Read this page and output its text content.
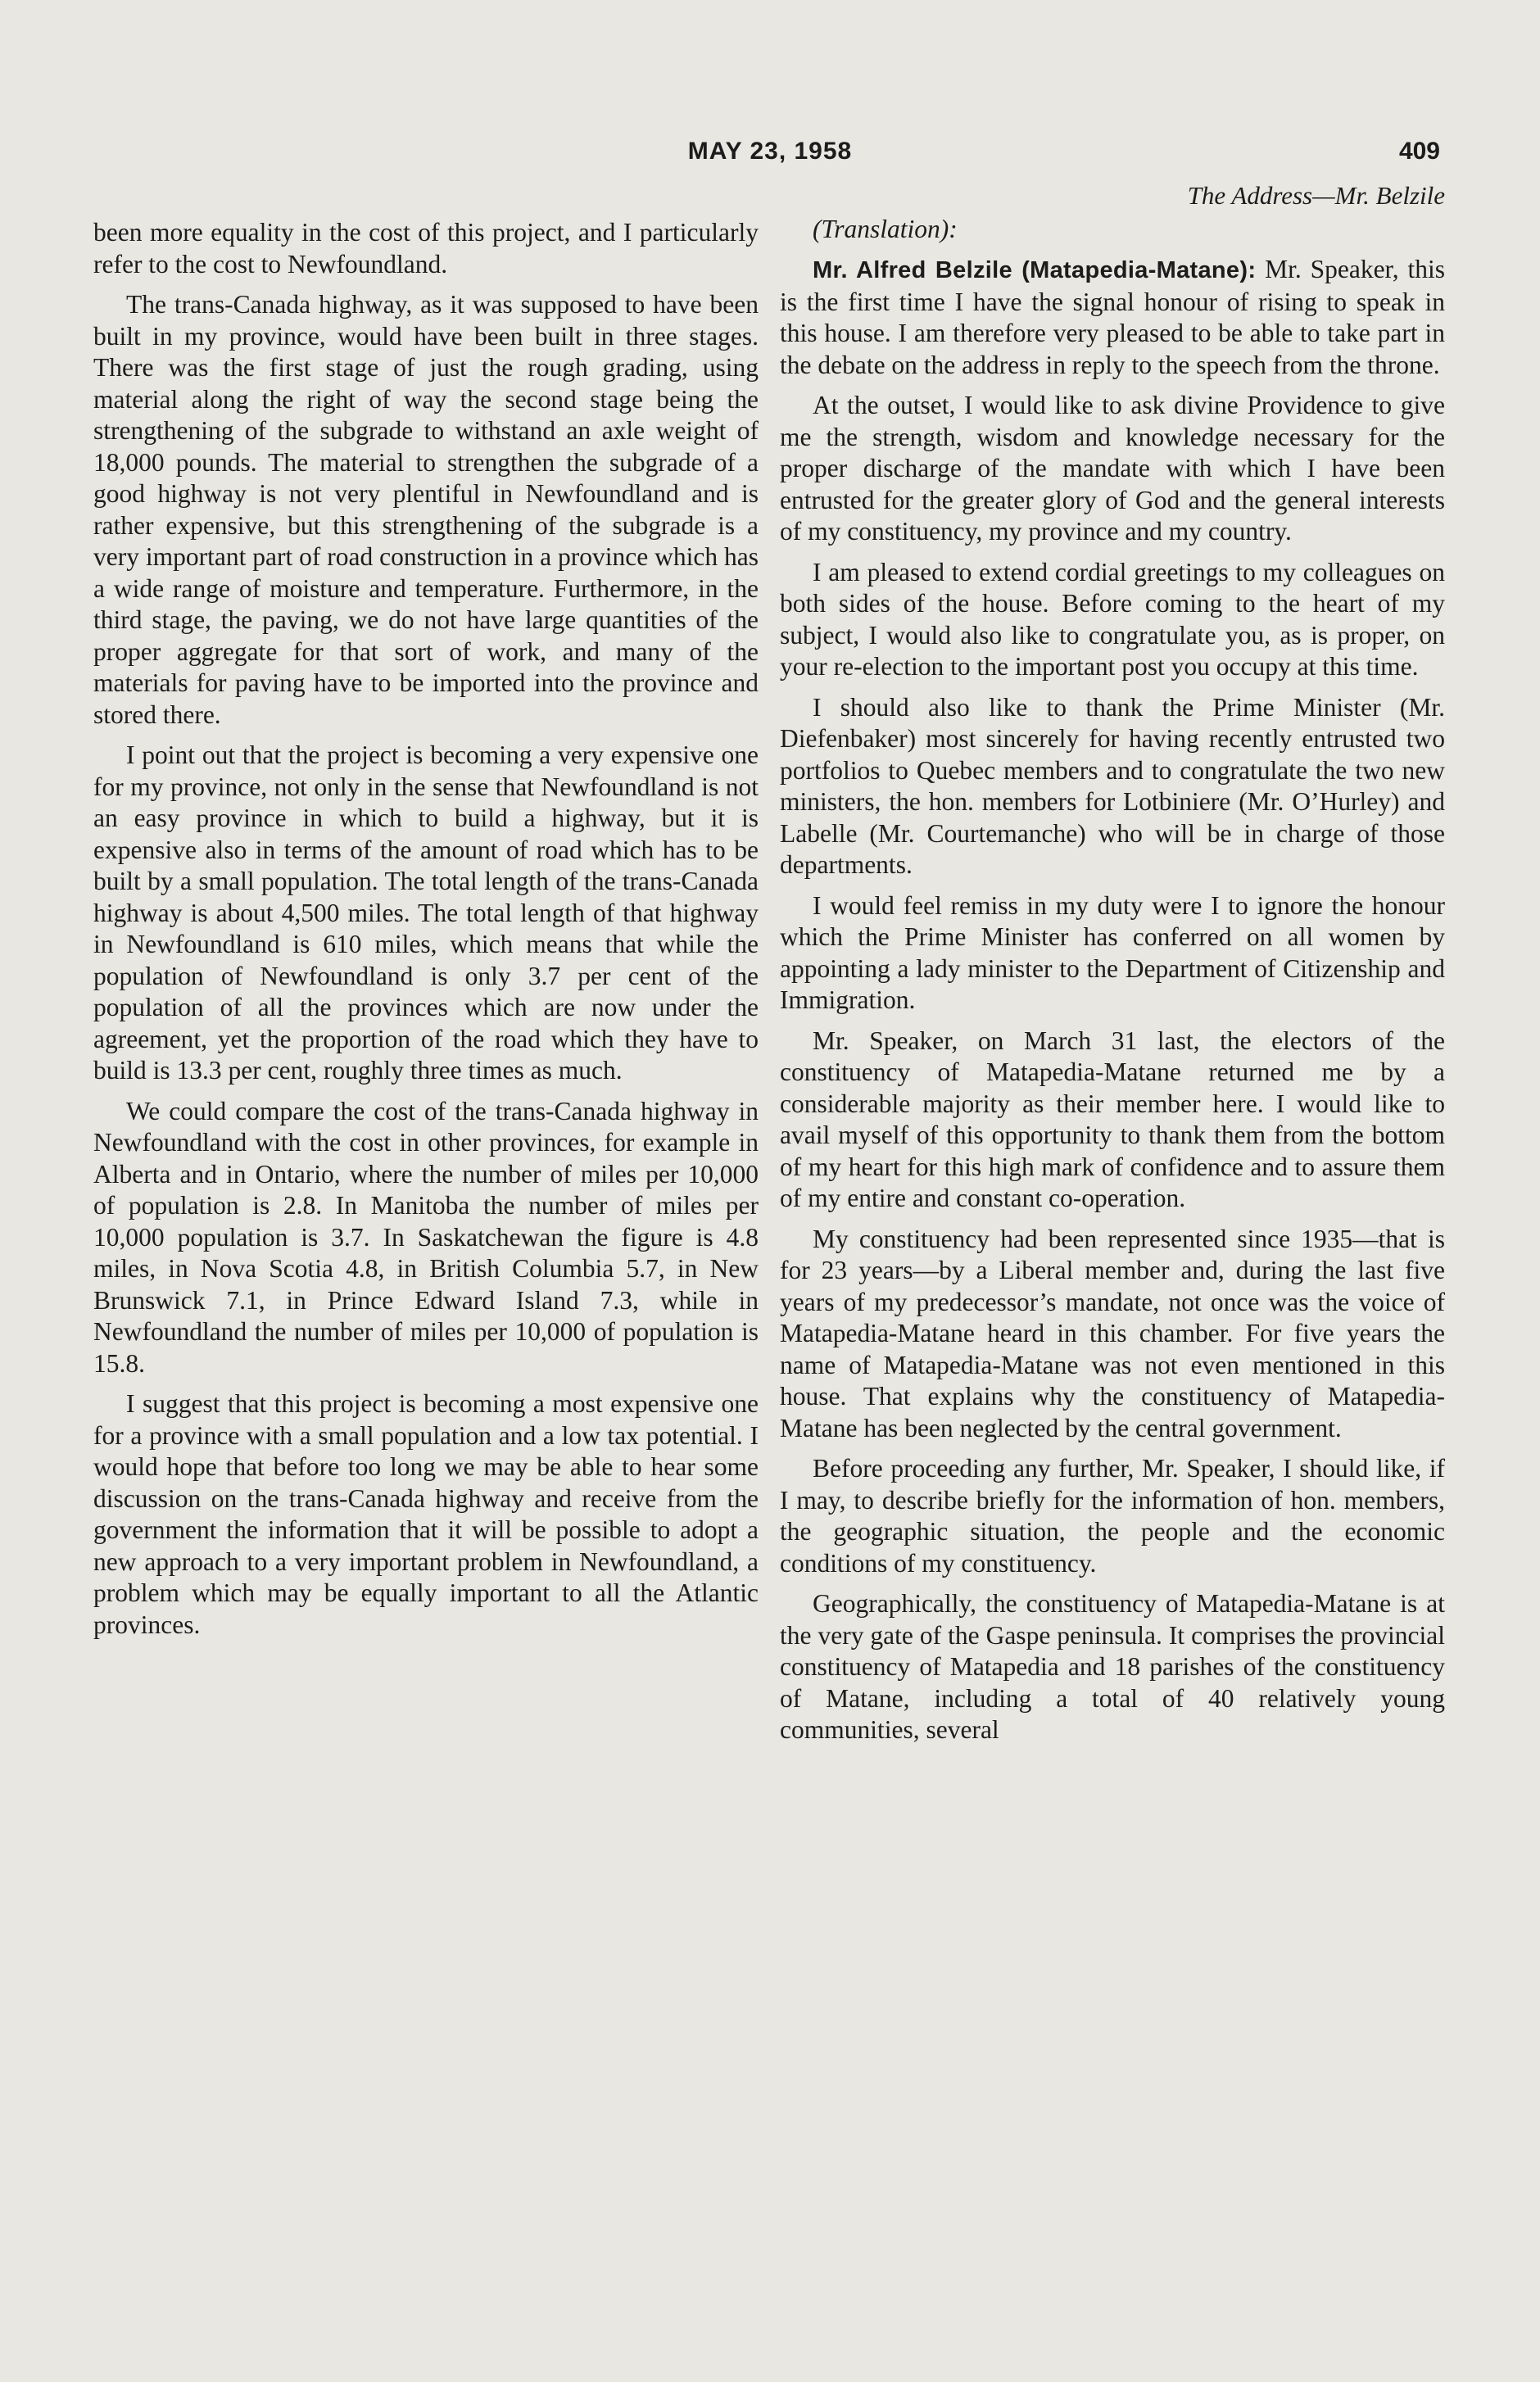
MAY 23, 1958	409

been more equality in the cost of this project, and I particularly refer to the cost to Newfoundland.

The trans-Canada highway, as it was supposed to have been built in my province, would have been built in three stages. There was the first stage of just the rough grading, using material along the right of way the second stage being the strengthening of the subgrade to withstand an axle weight of 18,000 pounds. The material to strengthen the subgrade of a good highway is not very plentiful in Newfoundland and is rather expensive, but this strengthening of the subgrade is a very important part of road construction in a province which has a wide range of moisture and temperature. Furthermore, in the third stage, the paving, we do not have large quantities of the proper aggregate for that sort of work, and many of the materials for paving have to be imported into the province and stored there.

I point out that the project is becoming a very expensive one for my province, not only in the sense that Newfoundland is not an easy province in which to build a highway, but it is expensive also in terms of the amount of road which has to be built by a small population. The total length of the trans-Canada highway is about 4,500 miles. The total length of that highway in Newfoundland is 610 miles, which means that while the population of Newfoundland is only 3.7 per cent of the population of all the provinces which are now under the agreement, yet the proportion of the road which they have to build is 13.3 per cent, roughly three times as much.

We could compare the cost of the trans-Canada highway in Newfoundland with the cost in other provinces, for example in Alberta and in Ontario, where the number of miles per 10,000 of population is 2.8. In Manitoba the number of miles per 10,000 population is 3.7. In Saskatchewan the figure is 4.8 miles, in Nova Scotia 4.8, in British Columbia 5.7, in New Brunswick 7.1, in Prince Edward Island 7.3, while in Newfoundland the number of miles per 10,000 of population is 15.8.

I suggest that this project is becoming a most expensive one for a province with a small population and a low tax potential. I would hope that before too long we may be able to hear some discussion on the trans-Canada highway and receive from the government the information that it will be possible to adopt a new approach to a very important problem in Newfoundland, a problem which may be equally important to all the Atlantic provinces.

The Address—Mr. Belzile

(Translation):

Mr. Alfred Belzile (Matapedia-Matane): Mr. Speaker, this is the first time I have the signal honour of rising to speak in this house. I am therefore very pleased to be able to take part in the debate on the address in reply to the speech from the throne.

At the outset, I would like to ask divine Providence to give me the strength, wisdom and knowledge necessary for the proper discharge of the mandate with which I have been entrusted for the greater glory of God and the general interests of my constituency, my province and my country.

I am pleased to extend cordial greetings to my colleagues on both sides of the house. Before coming to the heart of my subject, I would also like to congratulate you, as is proper, on your re-election to the important post you occupy at this time.

I should also like to thank the Prime Minister (Mr. Diefenbaker) most sincerely for having recently entrusted two portfolios to Quebec members and to congratulate the two new ministers, the hon. members for Lotbiniere (Mr. O’Hurley) and Labelle (Mr. Courtemanche) who will be in charge of those departments.

I would feel remiss in my duty were I to ignore the honour which the Prime Minister has conferred on all women by appointing a lady minister to the Department of Citizenship and Immigration.

Mr. Speaker, on March 31 last, the electors of the constituency of Matapedia-Matane returned me by a considerable majority as their member here. I would like to avail myself of this opportunity to thank them from the bottom of my heart for this high mark of confidence and to assure them of my entire and constant co-operation.

My constituency had been represented since 1935—that is for 23 years—by a Liberal member and, during the last five years of my predecessor’s mandate, not once was the voice of Matapedia-Matane heard in this chamber. For five years the name of Matapedia-Matane was not even mentioned in this house. That explains why the constituency of Matapedia-Matane has been neglected by the central government.

Before proceeding any further, Mr. Speaker, I should like, if I may, to describe briefly for the information of hon. members, the geographic situation, the people and the economic conditions of my constituency.

Geographically, the constituency of Matapedia-Matane is at the very gate of the Gaspe peninsula. It comprises the provincial constituency of Matapedia and 18 parishes of the constituency of Matane, including a total of 40 relatively young communities, several
